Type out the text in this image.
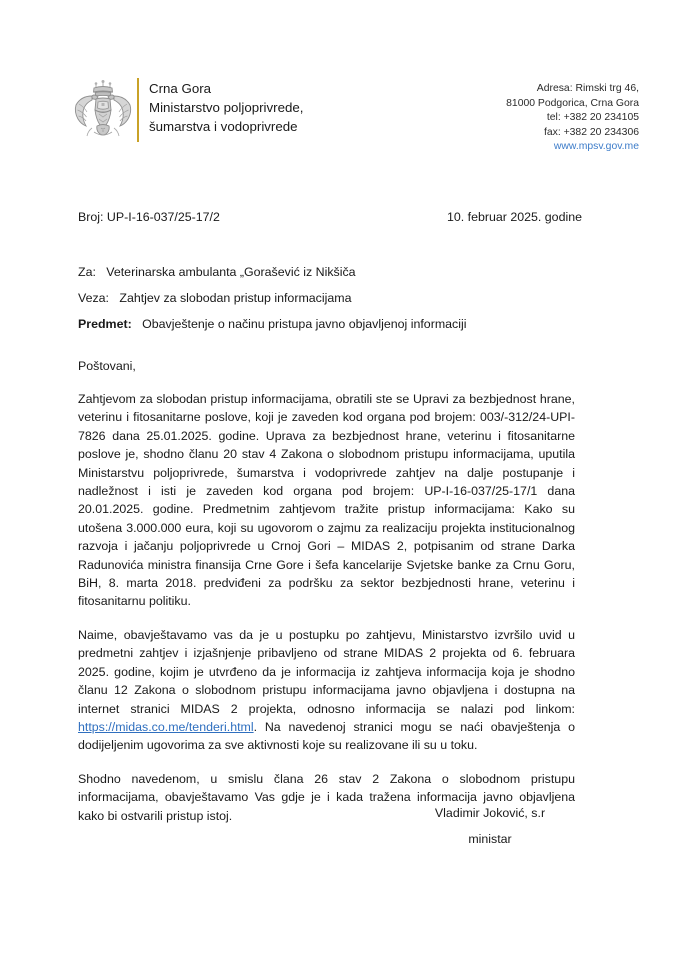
Crna Gora
Ministarstvo poljoprivrede,
šumarstva i vodoprivrede
Adresa: Rimski trg 46,
81000 Podgorica, Crna Gora
tel: +382 20 234105
fax: +382 20 234306
www.mpsv.gov.me
Broj: UP-I-16-037/25-17/2	10. februar 2025. godine
Za: Veterinarska ambulanta „Gorašević iz Nikšiča
Veza: Zahtjev za slobodan pristup informacijama
Predmet: Obavještenje o načinu pristupa javno objavljenoj informaciji
Poštovani,

Zahtjevom za slobodan pristup informacijama, obratili ste se Upravi za bezbjednost hrane, veterinu i fitosanitarne poslove, koji je zaveden kod organa pod brojem: 003/-312/24-UPI-7826 dana 25.01.2025. godine. Uprava za bezbjednost hrane, veterinu i fitosanitarne poslove je, shodno članu 20 stav 4 Zakona o slobodnom pristupu informacijama, uputila Ministarstvu poljoprivrede, šumarstva i vodoprivrede zahtjev na dalje postupanje i nadležnost i isti je zaveden kod organa pod brojem: UP-I-16-037/25-17/1 dana 20.01.2025. godine. Predmetnim zahtjevom tražite pristup informacijama: Kako su utošena 3.000.000 eura, koji su ugovorom o zajmu za realizaciju projekta institucionalnog razvoja i jačanju poljoprivrede u Crnoj Gori – MIDAS 2, potpisanim od strane Darka Radunovića ministra finansija Crne Gore i šefa kancelarije Svjetske banke za Crnu Goru, BiH, 8. marta 2018. predviđeni za podršku za sektor bezbjednosti hrane, veterinu i fitosanitarnu politiku.

Naime, obavještavamo vas da je u postupku po zahtjevu, Ministarstvo izvršilo uvid u predmetni zahtjev i izjašnjenje pribavljeno od strane MIDAS 2 projekta od 6. februara 2025. godine, kojim je utvrđeno da je informacija iz zahtjeva informacija koja je shodno članu 12 Zakona o slobodnom pristupu informacijama javno objavljena i dostupna na internet stranici MIDAS 2 projekta, odnosno informacija se nalazi pod linkom: https://midas.co.me/tenderi.html. Na navedenoj stranici mogu se naći obavještenja o dodijeljenim ugovorima za sve aktivnosti koje su realizovane ili su u toku.

Shodno navedenom, u smislu člana 26 stav 2 Zakona o slobodnom pristupu informacijama, obavještavamo Vas gdje je i kada tražena informacija javno objavljena kako bi ostvarili pristup istoj.	Vladimir Joković, s.r
ministar
